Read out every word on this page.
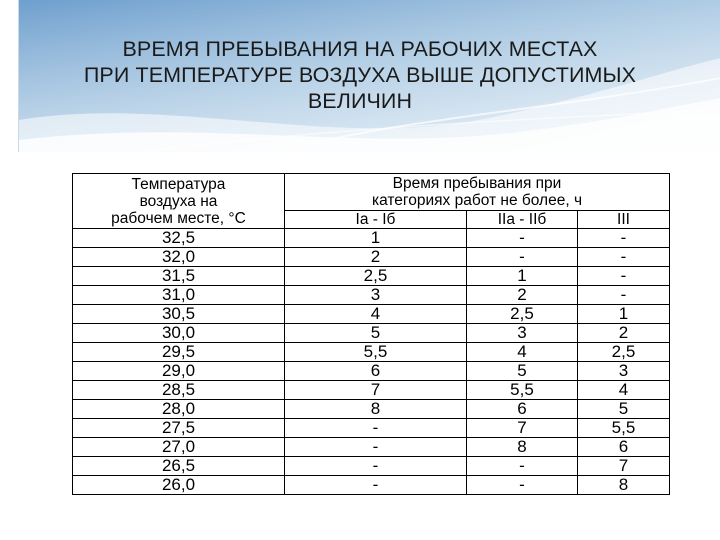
ВРЕМЯ ПРЕБЫВАНИЯ НА РАБОЧИХ МЕСТАХ
ПРИ ТЕМПЕРАТУРЕ ВОЗДУХА ВЫШЕ ДОПУСТИМЫХ
ВЕЛИЧИН
Температура
воздуха на
рабочем месте, °С	Время пребывания при
категориях работ не более, ч		

	Ia - Iб	IIa - IIб	III
32,5	1	-	-
32,0	2	-	-
31,5	2,5	1	-
31,0	3	2	-
30,5	4	2,5	1
30,0	5	3	2
29,5	5,5	4	2,5
29,0	6	5	3
28,5	7	5,5	4
28,0	8	6	5
27,5	-	7	5,5
27,0	-	8	6
26,5	-	-	7
26,0	-	-	8
